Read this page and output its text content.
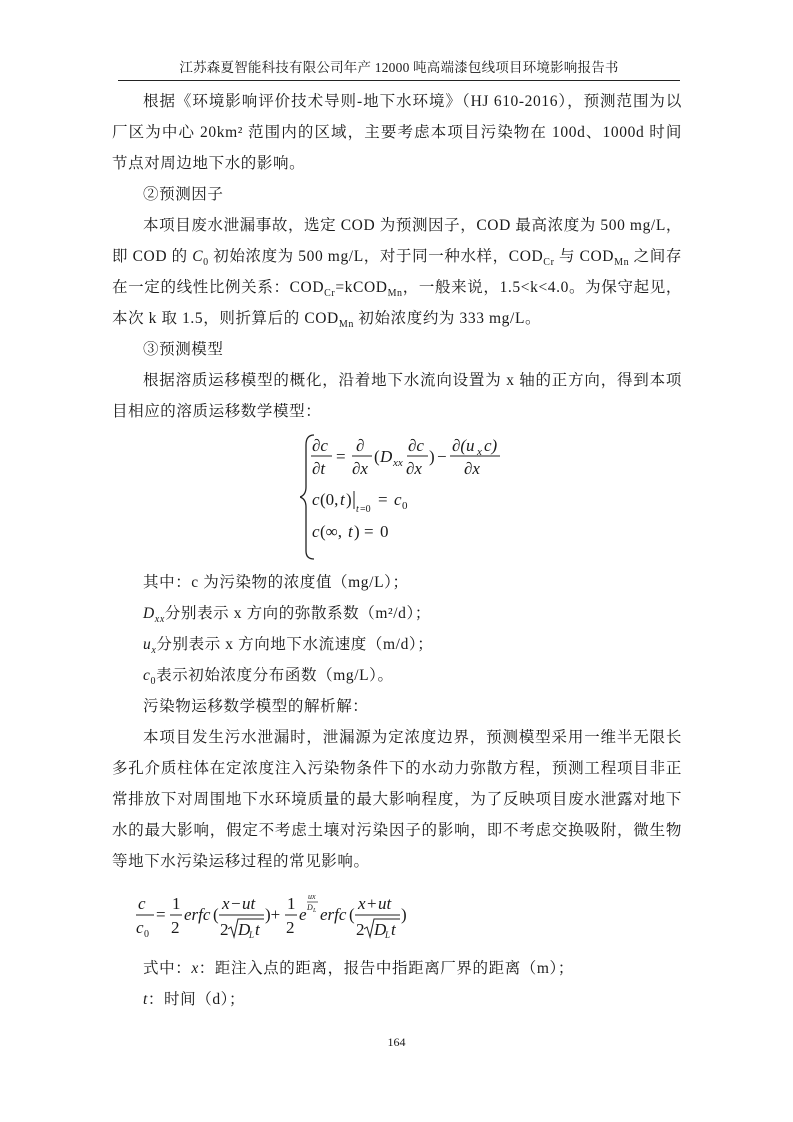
江苏森夏智能科技有限公司年产 12000 吨高端漆包线项目环境影响报告书

根据《环境影响评价技术导则-地下水环境》（HJ 610-2016），预测范围为以厂区为中心 20km² 范围内的区域，主要考虑本项目污染物在 100d、1000d 时间节点对周边地下水的影响。

②预测因子

本项目废水泄漏事故，选定 COD 为预测因子，COD 最高浓度为 500 mg/L，即 COD 的 $C_0$ 初始浓度为 500 mg/L，对于同一种水样，$COD_{Cr}$ 与 $COD_{Mn}$ 之间存在一定的线性比例关系：$COD_{Cr}=kCOD_{Mn}$，一般来说，1.5<k<4.0。为保守起见，本次 k 取 1.5，则折算后的 $COD_{Mn}$ 初始浓度约为 333 mg/L。

③预测模型

根据溶质运移模型的概化，沿着地下水流向设置为 x 轴的正方向，得到本项目相应的溶质运移数学模型：

∂c
∂t
=
∂
∂x
( D xx
∂c
∂x
) −
∂(u x c)
∂x
c (0, t )
t =0
= c 0
c (∞, t ) = 0

其中：c 为污染物的浓度值（mg/L）；

$D_{xx}$分别表示 x 方向的弥散系数（m²/d）；

$u_x$分别表示 x 方向地下水流速度（m/d）；

$c_0$表示初始浓度分布函数（mg/L）。

污染物运移数学模型的解析解：

本项目发生污水泄漏时，泄漏源为定浓度边界，预测模型采用一维半无限长多孔介质柱体在定浓度注入污染物条件下的水动力弥散方程，预测工程项目非正常排放下对周围地下水环境质量的最大影响程度，为了反映项目废水泄露对地下水的最大影响，假定不考虑土壤对污染因子的影响，即不考虑交换吸附，微生物等地下水污染运移过程的常见影响。

c
c 0
=
1
2
erfc (
x − ut
2 D
L t
)+
1
2
e
ux
D L erfc (
x + ut
2 D
L t
)

式中：x：距注入点的距离，报告中指距离厂界的距离（m）；

t：时间（d）；

164
